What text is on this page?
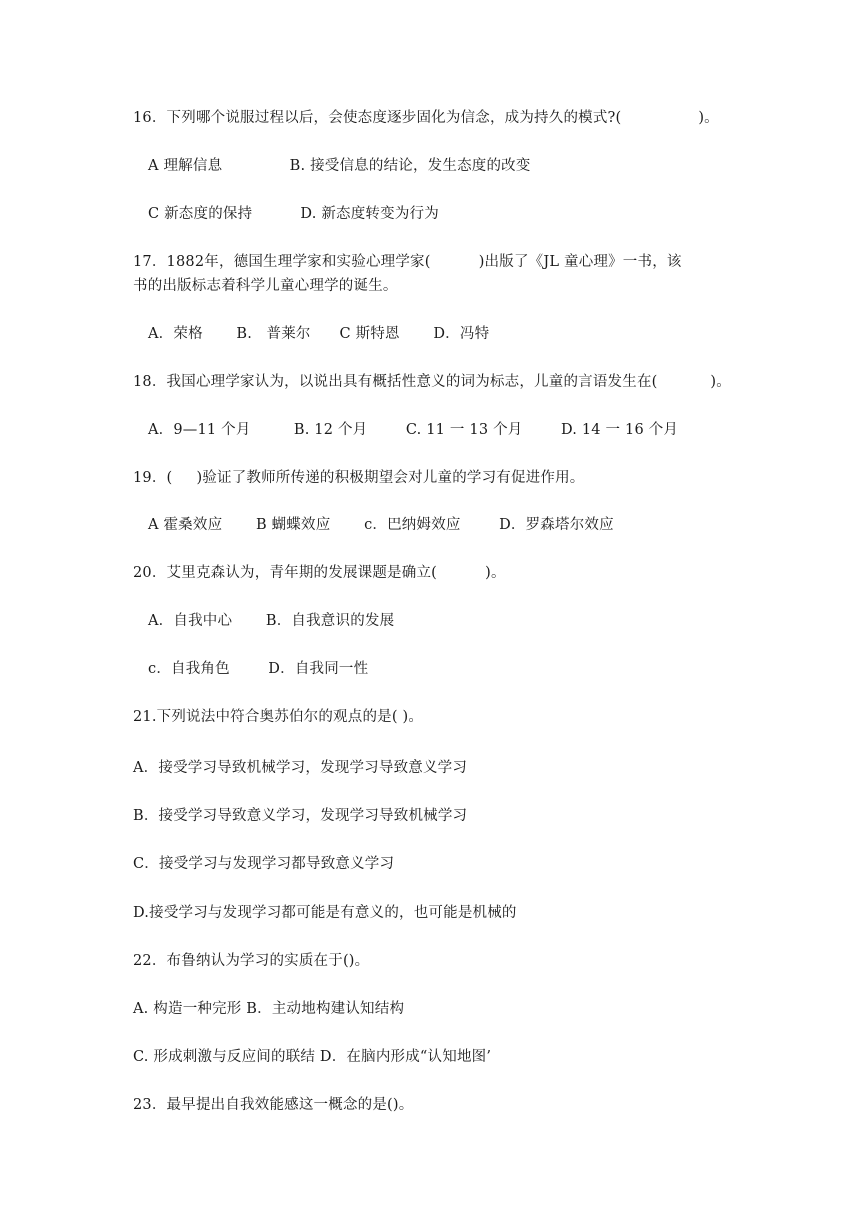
16．下列哪个说服过程以后，会使态度逐步固化为信念，成为持久的模式?(                )。
A 理解信息              B. 接受信息的结论，发生态度的改变
C 新态度的保持          D. 新态度转变为行为
17．1882年，德国生理学家和实验心理学家(          )出版了《JL 童心理》一书，该
书的出版标志着科学儿童心理学的诞生。
A．荣格       B.   普莱尔      C 斯特恩       D．冯特
18．我国心理学家认为，以说出具有概括性意义的词为标志，儿童的言语发生在(           )。
A．9—11 个月         B. 12 个月        C. 11 一 13 个月        D. 14 一 16 个月
19．(     )验证了教师所传递的积极期望会对儿童的学习有促进作用。
A 霍桑效应       B 蝴蝶效应       c．巴纳姆效应        D．罗森塔尔效应
20．艾里克森认为，青年期的发展课题是确立(          )。
A．自我中心       B．自我意识的发展
c．自我角色        D．自我同一性
21.下列说法中符合奥苏伯尔的观点的是( )。
A．接受学习导致机械学习，发现学习导致意义学习
B．接受学习导致意义学习，发现学习导致机械学习
C．接受学习与发现学习都导致意义学习
D.接受学习与发现学习都可能是有意义的，也可能是机械的
22．布鲁纳认为学习的实质在于()。
A. 构造一种完形 B．主动地构建认知结构
C. 形成刺激与反应间的联结 D．在脑内形成“认知地图’
23．最早提出自我效能感这一概念的是()。
